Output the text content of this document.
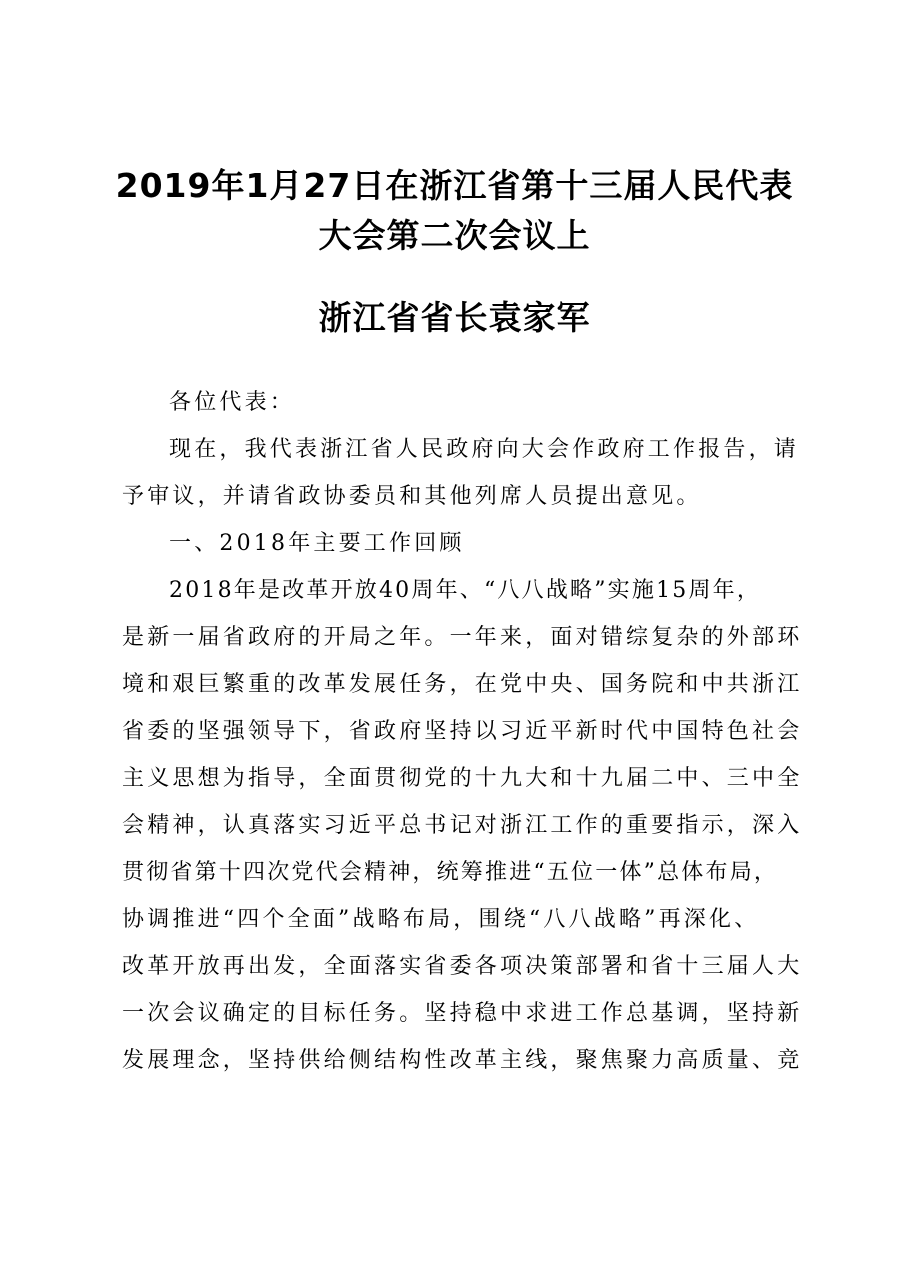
2019年1月27日在浙江省第十三届人民代表
大会第二次会议上
浙江省省长袁家军
各位代表：
现在，我代表浙江省人民政府向大会作政府工作报告，请
予审议，并请省政协委员和其他列席人员提出意见。
一、2018年主要工作回顾
2018年是改革开放40周年、“八八战略”实施15周年，
是新一届省政府的开局之年。一年来，面对错综复杂的外部环
境和艰巨繁重的改革发展任务，在党中央、国务院和中共浙江
省委的坚强领导下，省政府坚持以习近平新时代中国特色社会
主义思想为指导，全面贯彻党的十九大和十九届二中、三中全
会精神，认真落实习近平总书记对浙江工作的重要指示，深入
贯彻省第十四次党代会精神，统筹推进“五位一体”总体布局，
协调推进“四个全面”战略布局，围绕“八八战略”再深化、
改革开放再出发，全面落实省委各项决策部署和省十三届人大
一次会议确定的目标任务。坚持稳中求进工作总基调，坚持新
发展理念，坚持供给侧结构性改革主线，聚焦聚力高质量、竞
